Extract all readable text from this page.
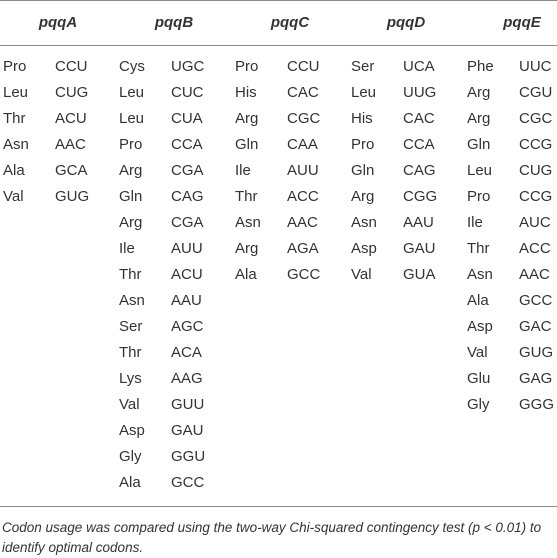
pqqA
Pro CCU
Leu CUG
Thr ACU
Asn AAC
Ala GCA
Val GUG
pqqB
Cys UGC
Leu CUC
Leu CUA
Pro CCA
Arg CGA
Gln CAG
Arg CGA
Ile AUU
Thr ACU
Asn AAU
Ser AGC
Thr ACA
Lys AAG
Val GUU
Asp GAU
Gly GGU
Ala GCC
pqqC
Pro CCU
His CAC
Arg CGC
Gln CAA
Ile AUU
Thr ACC
Asn AAC
Arg AGA
Ala GCC
pqqD
Ser UCA
Leu UUG
His CAC
Pro CCA
Gln CAG
Arg CGG
Asn AAU
Asp GAU
Val GUA
pqqE
Phe UUC
Arg CGU
Arg CGC
Gln CCG
Leu CUG
Pro CCG
Ile AUC
Thr ACC
Asn AAC
Ala GCC
Asp GAC
Val GUG
Glu GAG
Gly GGG
Codon usage was compared using the two-way Chi-squared contingency test (p < 0.01) to identify optimal codons.
